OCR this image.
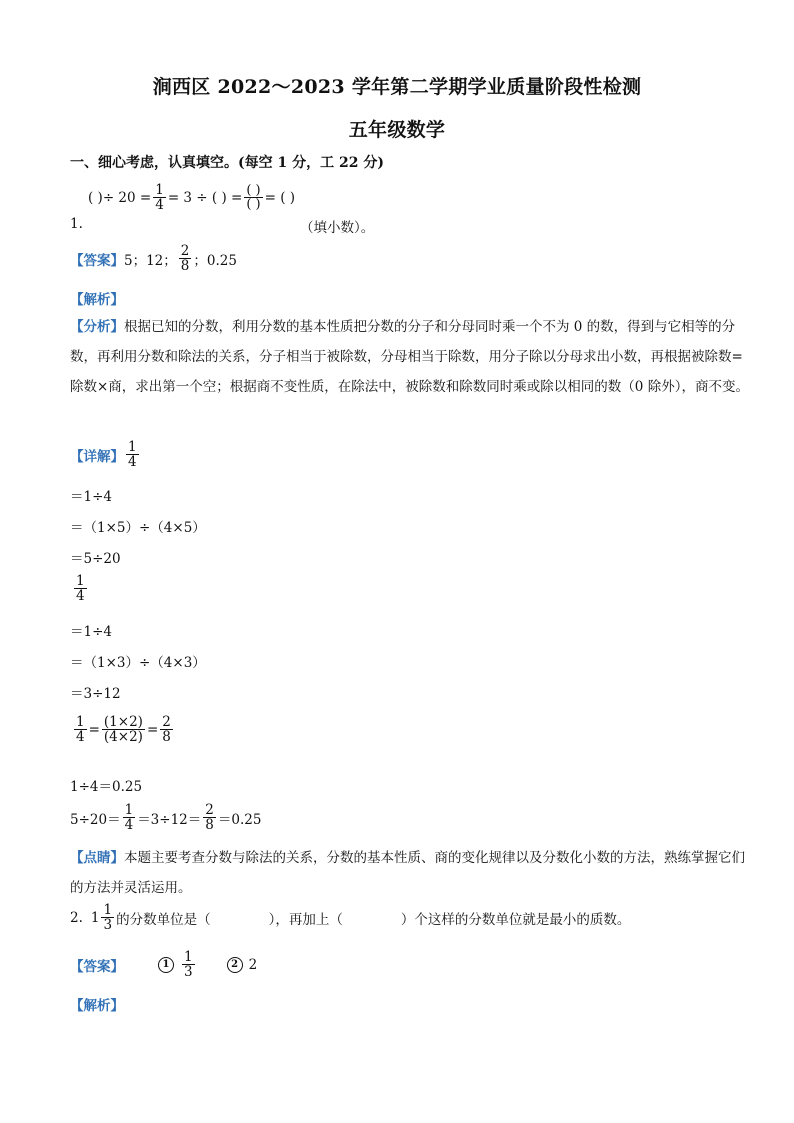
涧西区 2022～2023 学年第二学期学业质量阶段性检测
五年级数学
一、细心考虑，认真填空。(每空 1 分，工 22 分)
1.
( )÷ $20 = \frac{1}{4} = 3$ ÷ ( ) = $\frac{( )}{( )}$ = ( )
（填小数）。
【答案】 5；12； $\frac{2}{8}$ ；0.25
【解析】
【分析】根据已知的分数，利用分数的基本性质把分数的分子和分母同时乘一个不为 0 的数，得到与它相等的分数，再利用分数和除法的关系，分子相当于被除数，分母相当于除数，用分子除以分母求出小数，再根据被除数=除数×商，求出第一个空；根据商不变性质，在除法中，被除数和除数同时乘或除以相同的数（0 除外），商不变。
【详解】 $\frac{1}{4}$
＝1÷4
＝（1×5）÷（4×5）
＝5÷20
$\frac{1}{4}$
＝1÷4
＝（1×3）÷（4×3）
＝3÷12
$\frac{1}{4} = \frac{(1\times 2)}{(4\times 2)} = \frac{2}{8}$
1÷4＝0.25
$5\div 20= \frac{1}{4} =3\div 12= \frac{2}{8} =0.25$
【点睛】本题主要考查分数与除法的关系，分数的基本性质、商的变化规律以及分数化小数的方法，熟练掌握它们的方法并灵活运用。
2. $1 \frac{1}{3}$ 的分数单位是（	），再加上（	）个这样的分数单位就是最小的质数。
【答案】	$1 \frac{1}{3}$	2 2
【解析】
